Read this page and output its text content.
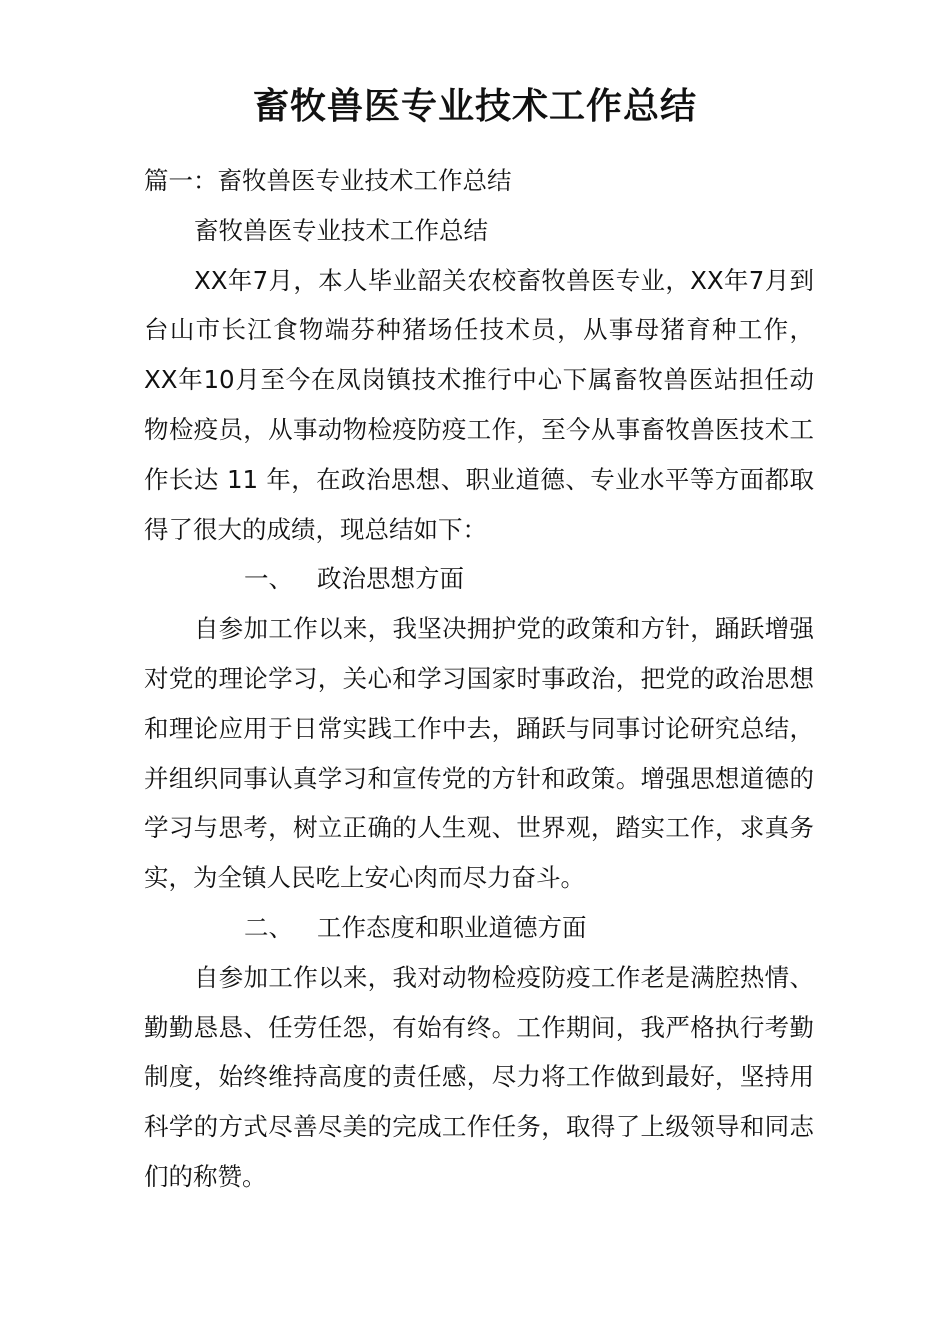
畜牧兽医专业技术工作总结

篇一：畜牧兽医专业技术工作总结

畜牧兽医专业技术工作总结

XX年7月，本人毕业韶关农校畜牧兽医专业，XX年7月到台山市长江食物端芬种猪场任技术员，从事母猪育种工作，XX年10月至今在凤岗镇技术推行中心下属畜牧兽医站担任动物检疫员，从事动物检疫防疫工作，至今从事畜牧兽医技术工作长达 11 年，在政治思想、职业道德、专业水平等方面都取得了很大的成绩，现总结如下：

一、 政治思想方面

自参加工作以来，我坚决拥护党的政策和方针，踊跃增强对党的理论学习，关心和学习国家时事政治，把党的政治思想和理论应用于日常实践工作中去，踊跃与同事讨论研究总结，并组织同事认真学习和宣传党的方针和政策。增强思想道德的学习与思考，树立正确的人生观、世界观，踏实工作，求真务实，为全镇人民吃上安心肉而尽力奋斗。

二、 工作态度和职业道德方面

自参加工作以来，我对动物检疫防疫工作老是满腔热情、勤勤恳恳、任劳任怨，有始有终。工作期间，我严格执行考勤制度，始终维持高度的责任感，尽力将工作做到最好，坚持用科学的方式尽善尽美的完成工作任务，取得了上级领导和同志们的称赞。
